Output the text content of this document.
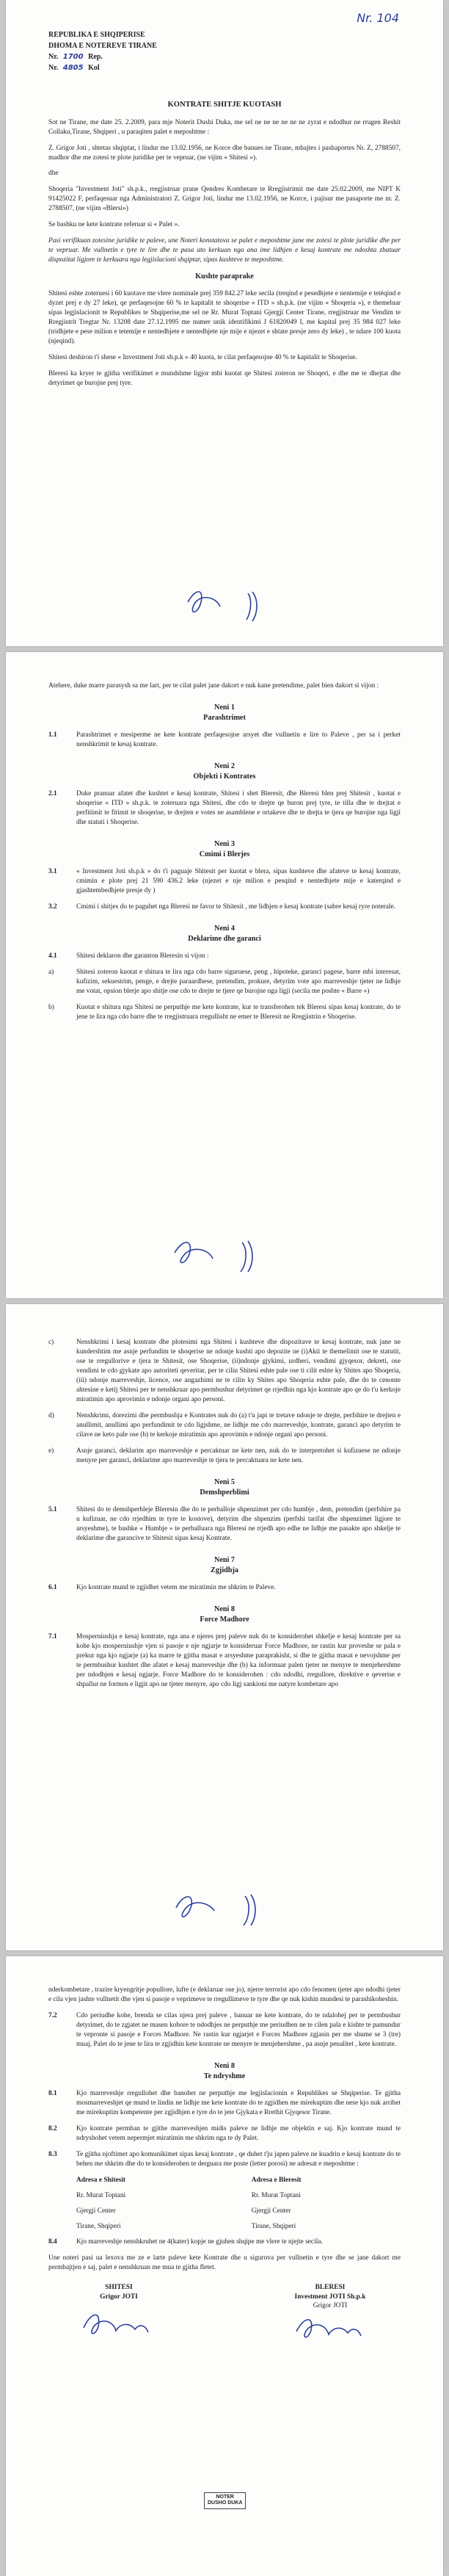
REPUBLIKA E SHQIPERISE
DHOMA E NOTEREVE TIRANE
Nr. 1700 Rep.
Nr. 4805 Kol
Nr. 104
KONTRATE SHITJE KUOTASH

Sot ne Tirane, me date 25. 2.2009, para mje Noterit Dushi Duka, me sel ne ne ne ne ne ne zyrat e ndodhur ne rrugen Reshit Collaku,Tirane, Shqiperi , u paraqiten palet e meposhtme :

Z. Grigor Joti , shtetas shqiptar, i lindur me 13.02.1956, ne Korce dhe banues ne Tirane, mbajtes i pashaportes Nr. Z, 2788507, madhor dhe me zotesi te plote juridike per te vepruar, (ne vijim « Shitesi »).

dhe

Shoqeria "Investment Joti" sh.p.k., rregjistruar prane Qendres Kombetare te Rregjistrimit me date 25.02.2009, me NIPT K 91425022 F, perfaqesuar nga Administratori Z. Grigor Joti, lindur me 13.02.1956, ne Korce, i pajisur me pasaporte me nr. Z. 2788507, (ne vijim «Blersi»)

Se bashku ne kete kontrate referuar si « Palet ».

Pasi verifikuan zotesine juridike te paleve, une Noteri konstatova se palet e meposhtme jane me zotesi te plote juridike dhe per te vepruar. Me vullnetin e tyre te lire dhe te pasa ato kerkuan nga ana ime lidhjen e kesaj kontrate me ndoshta zbatuar dispozitat ligjore te kerkuara nga legjislacioni shqiptar, sipas kushteve te meposhtme.

Kushte paraprake

Shitesi eshte zoteruesi i 60 kuotave me vlere nominale prej 359 842.27 leke secila (treqind e pesedhjete e nentemije e tetëqind e dyzet prej e dy 27 leke), qe perfaqesojne 60 % te kapitalit te shoqerise « ITD » sh.p.k. (ne vijim « Shoqeria »), e themeluar sipas legjislacionit te Republikes te Shqiperise,me sel ne Rr. Murat Toptani Gjergji Center Tirane, rregjistruar me Vendim te Rregjistrit Tregtar Nr. 13208 date 27.12.1995 me numer unik identifikimi J 61820049 I, me kapital prej 35 984 027 leke (tridhjete e pese milion e tetemije e nentedhjete e nentedhjete nje mije e njezet e shtate presje zero dy leke) , te ndare 100 kuota (njeqind).

Shitesi deshiron t'i shese « Investment Joti sh.p.k » 40 kuota, te cilat perfaqesojne 40 % te kapitalit te Shoqerise.

Bleresi ka kryer te gjitha verifikimet e mundshme ligjor mbi kuotat qe Shitesi zoteron ne Shoqeri, e dhe me te dhejtat dhe detyrimet qe burojne prej tyre.

Atehere, duke marre parasysh sa me lart, per te cilat palet jane dakort e nuk kane pretendime, palet bien dakort si vijon :

Neni 1
Parashtrimet
1.1	Parashtrimet e mesiperme ne kete kontrate perfaqesojne arsyet dhe vullnetin e lire to Paleve , per sa i perket nenshkrimit te kesaj kontrate.
Neni 2
Objekti i Kontrates
2.1	Duke pranuar afatet dhe kushtet e kesaj kontrate, Shitesi i shet Bleresit, dhe Bleresi blen prej Shitesit , kuotat e shoqerise « ITD » sh.p.k. te zoteruara nga Shitesi, dhe cdo te drejte qe buron prej tyre, te tilla dhe te drejtat e perfitimit te fitimit te shoqerise, te drejten e votes ne asamblene e ortakeve dhe te drejta te tjera qe burojne nga ligji dhe statuti i Shoqerise.
Neni 3
Cmimi i Blerjes
3.1	« Investment Joti sh.p.k » do t'i paguaje Shitesit per kuotat e blera, sipas kushteve dhe afateve te kesaj kontrate, cmimin e plote prej 21 590 436.2 leke (njezet e nje milion e pesqind e nentedhjete mije e katerqind e gjashtembedhjete presje dy )
3.2	Cmimi i shitjes do te paguhet nga Bleresi ne favor te Shitesit , me lidhjen e kesaj kontrate (sabre kesaj ryre noterale.
Neni 4
Deklarime dhe garanci
4.1	Shitesi deklaron dhe garanton Bleresin si vijon :
a)	Shitesi zoteron kuotat e shitura te lira nga cdo barre siguruese, peng , hipoteke, garanci pagese, barre mbi interesat, kufizim, sekuestrim, penge, e drejte paraardhese, pretendim, prokure, detyrim vote apo marreveshje tjeter ne lidhje me votat, opsion blerje apo shitje ose cdo te drejte te tjere qe burojne nga ligji (secila me poshte « Barre »)
b)	Kuotat e shitura nga Shitesi ne perputhje me kete kontrate, kur te transferohen tek Bleresi sipas kesaj kontrate, do te jene te lira nga cdo barre dhe te rregjistruara rregullisht ne emer te Bleresit ne Rregjistrin e Shoqerise.
c)	Nenshkrimi i kesaj kontrate dhe plotesimi nga Shitesi i kushteve dhe dispozitave te kesaj kontrate, nuk jane ne kundershtim me asnje perfundim te shoqerise ne ndonje kushti apo depozite ne (i)Akti te themelimit ose te statutit, ose te rregullorive e tjera te Shitesit, ose Shoqerise, (ii)ndonje gjykimi, urdheri, vendimi gjyqesor, dekreti, ose vendimi te cdo gjykate apo autoriteti qeveritar, per te cilin Shitesi eshte pale ose ti cilit eshte ky Shites apo Shoqeria, (iii) ndonje marreveshje, licence, ose angazhimi ne te cilin ky Shites apo Shoqeria eshte pale, dhe do te cenonte ahtesine e ketij Shitesi per te nenshkruar apo permbushur detyrimet qe rrjedhin nga kjo kontrate apo qe do t'u kerkoje miratimin apo aprovimin e ndonje organi apo personi.
d)	Nenshkrimi, dorezimi dhe permbushja e Kontrates nuk do (a) t'u japi te tretave ndonje te drejte, perfshire te drejten e anullimit, anullimi apo perfundimit te cdo ligjshme, ne lidhje me cdo marreveshje, kontrate, garanci apo detyrim te cilave ne keto pale ose (b) te kerkoje miratimin apo aprovimin e ndonje organi apo personi.
e)	Asnje garanci, deklarim apo marreveshje e percaktuar ne kete nen, nuk do te interpretohet si kufizuese ne ndonje menyre per garanci, deklarime apo marreveshje te tjera te percaktuara ne kete nen.
Neni 5
Demshperblimi
5.1	Shitesi do te demshperbleje Bleresin dhe do te perballoje shpenzimet per cdo humbje , dem, pretendim (perfshire pa u kufizuar, ne cdo rrjedhim te tyre te kostove), detyrim dhe shpenzim (perfshi tarifat dhe shpenzimet ligjore te arsyeshme), te bashke « Humbje » te perballuara nga Bleresi ne rrjedh apo edhe ne lidhje me pasakte apo shkelje te deklarime dhe garancive te Shitesit sipas kesaj Kontrate.
Neni 7
Zgjidhja
6.1	Kjo kontrate mund te zgjidhet vetem me miratimin me shkrim te Paleve.
Neni 8
Force Madhore
7.1	Mosperniushja e kesaj kontrate, nga ana e njeres prej paleve nuk do te konsiderohet shkelje e kesaj kontrate per sa kohe kjo mosperniushje vjen si pasoje e nje ngjarje te konsideruar Force Madhore, ne rastin kur proveshe se pala e prekur nga kjo ngjarje (a) ka marre te gjitha masat e arsyeshme paraprakisht, si dhe te gjitha masat e nevojshme per te permbushur kushtet dhe afatet e kesaj marreveshje dhe (b) ka informuar palen tjeter ne menyre te menjehershme per ndodhjen e kesaj ngjarje. Force Madhore do te konsiderohen : cdo ndodhi, rregullore, direktive e qeverise e shpallur ne formen e ligjit apo ne tjeter menyre, apo cdo ligj sankioni me natyre kombetare apo

nderkombetare , trazire kryengritje popullore, lufte (e deklaruar ose jo), njerre terrorist apo cdo fenomen tjeter apo ndodhi tjeter e cila vjen jashte vullnetit dhe vjen si pasoje e veprimeve te rregullimeve te tyre dhe qe nuk kishin mundesi te parashikoheshin.

7.2	Cdo periudhe kohe, brenda se cilas njera prej paleve , banuar ne kete kontrate, do te ndalohej per te permbushur detyrimet, do te zgjatet ne masen kohore te ndodhjes ne perputhje me periudhen ne te cilen pala e kishte te pamundur te vepronte si pasoje e Forces Madhore. Ne rastin kur ngjarjet e Forces Madhore zgjasin per me shume se 3 (tre) muaj, Palet do te jene te lira te zgjidhin kete kontrate ne menyre te menjehershme , pa asnje penalitet , kete kontrate.
Neni 8
Te ndryshme
8.1	Kjo marreveshje rregullohet dhe banohet ne perputhje me legjislacionin e Republikes se Shqiperise. Te gjitha mosmarreveshjet qe mund te lindin ne lidhje me kete kontrate do te zgjidhen me mirekuptim dhe nese kjo nuk arrihet me mirekuptim kompetente per zgjidhjen e tyre do te jete Gjykata e Rrethit Gjyqesor Tirane.
8.2	Kjo kontrate permban te gjithe marreveshjen midis paleve ne lidhje me objektin e saj. Kjo kontrate mund te ndryshohet vetem nepermjet miratimin me shkrim nga te dy Palet.
8.3	Te gjitha njoftimet apo komunikimet sipas kesaj kontrate , qe duhet t'ju japen paleve ne kuadrin e kesaj kontrate do te behen me shkrim dhe do te konsiderohen te derguara me poste (letter porosi) ne adresat e meposhtme :
Adresa e Shitesit
Rr. Murat Toptani
Gjergji Center
Tirane, Shqiperi
Adresa e Bleresit
Rr. Murat Toptani
Gjergji Center
Tirane, Shqiperi
8.4	Kjo marreveshje nenshkruhet ne 4(kater) kopje ne gjuhen shqipe me vlere te njejte secila.

Une noteri pasi ua lexova me ze e larte paleve kete Kontrate dhe u sigurova per vullnetin e tyre dhe se jane dakort me permbajtjen e saj, palet e nenshkruan me mua te gjitha fletet.

SHITESI
Grigor JOTI
BLERESI
Investment JOTI Sh.p.k
Grigor JOTI
NOTER
DUSHO DUKA
